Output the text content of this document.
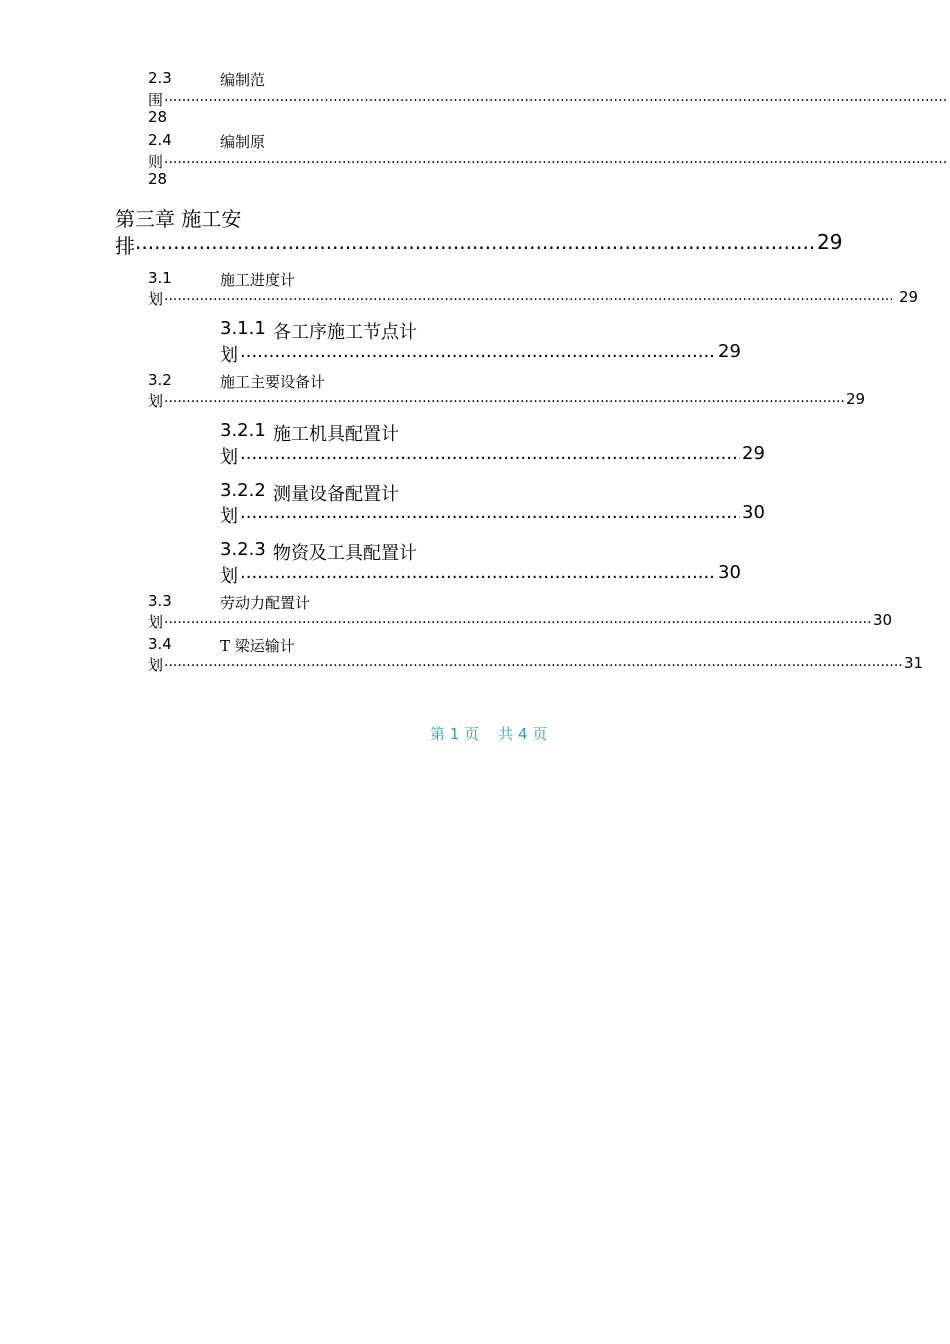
2.3	编制范
围
.....
28
2.4	编制原
则
.....
28
第三章 施工安
排 .....	29
3.1	施工进度计
划 .....	29
3.1.1 各工序施工节点计
划 .....	29
3.2	施工主要设备计
划 .....	29
3.2.1 施工机具配置计
划 .....	29
3.2.2 测量设备配置计
划 .....	30
3.2.3 物资及工具配置计
划 .....	30
3.3	劳动力配置计
划 .....	30
3.4	T 梁运输计
划 .....	31
第 1 页    共 4 页
